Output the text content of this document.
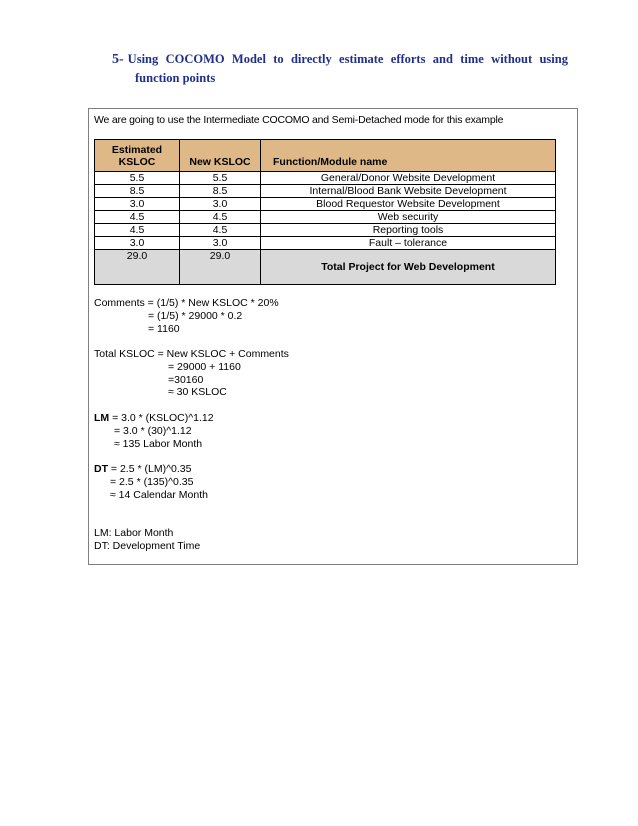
5- Using COCOMO Model to directly estimate efforts and time without using
function points
We are going to use the Intermediate COCOMO and Semi-Detached mode for this example
Estimated KSLOC	New KSLOC	Function/Module name
5.5	5.5	General/Donor Website Development
8.5	8.5	Internal/Blood Bank Website Development
3.0	3.0	Blood Requestor Website Development
4.5	4.5	Web security
4.5	4.5	Reporting tools
3.0	3.0	Fault – tolerance
29.0	29.0	Total Project for Web Development
Comments = (1/5) * New KSLOC * 20%
= (1/5) * 29000 * 0.2
= 1160
Total KSLOC = New KSLOC + Comments
= 29000 + 1160
=30160
≈ 30 KSLOC
LM = 3.0 * (KSLOC)^1.12
= 3.0 * (30)^1.12
≈ 135 Labor Month
DT = 2.5 * (LM)^0.35
= 2.5 * (135)^0.35
≈ 14 Calendar Month
LM: Labor Month
DT: Development Time
